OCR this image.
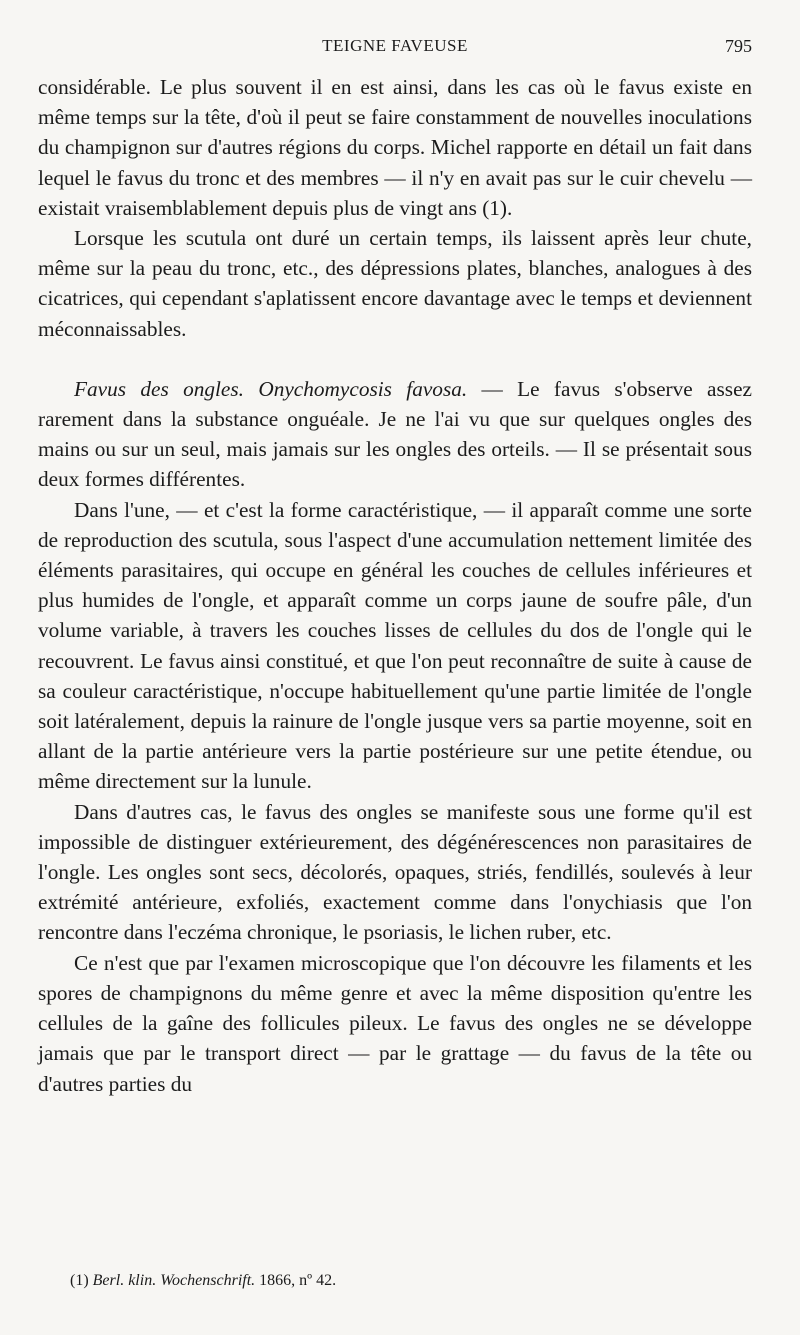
TEIGNE FAVEUSE	795

considérable. Le plus souvent il en est ainsi, dans les cas où le favus existe en même temps sur la tête, d'où il peut se faire constamment de nouvelles inoculations du champignon sur d'autres régions du corps. Michel rapporte en détail un fait dans lequel le favus du tronc et des membres — il n'y en avait pas sur le cuir chevelu — existait vraisemblablement depuis plus de vingt ans (1).

Lorsque les scutula ont duré un certain temps, ils laissent après leur chute, même sur la peau du tronc, etc., des dépressions plates, blanches, analogues à des cicatrices, qui cependant s'aplatissent encore davantage avec le temps et deviennent méconnaissables.

Favus des ongles. Onychomycosis favosa. — Le favus s'observe assez rarement dans la substance onguéale. Je ne l'ai vu que sur quelques ongles des mains ou sur un seul, mais jamais sur les ongles des orteils. — Il se présentait sous deux formes différentes.

Dans l'une, — et c'est la forme caractéristique, — il apparaît comme une sorte de reproduction des scutula, sous l'aspect d'une accumulation nettement limitée des éléments parasitaires, qui occupe en général les couches de cellules inférieures et plus humides de l'ongle, et apparaît comme un corps jaune de soufre pâle, d'un volume variable, à travers les couches lisses de cellules du dos de l'ongle qui le recouvrent. Le favus ainsi constitué, et que l'on peut reconnaître de suite à cause de sa couleur caractéristique, n'occupe habituellement qu'une partie limitée de l'ongle soit latéralement, depuis la rainure de l'ongle jusque vers sa partie moyenne, soit en allant de la partie antérieure vers la partie postérieure sur une petite étendue, ou même directement sur la lunule.

Dans d'autres cas, le favus des ongles se manifeste sous une forme qu'il est impossible de distinguer extérieurement, des dégénérescences non parasitaires de l'ongle. Les ongles sont secs, décolorés, opaques, striés, fendillés, soulevés à leur extrémité antérieure, exfoliés, exactement comme dans l'onychiasis que l'on rencontre dans l'eczéma chronique, le psoriasis, le lichen ruber, etc.

Ce n'est que par l'examen microscopique que l'on découvre les filaments et les spores de champignons du même genre et avec la même disposition qu'entre les cellules de la gaîne des follicules pileux. Le favus des ongles ne se développe jamais que par le transport direct — par le grattage — du favus de la tête ou d'autres parties du

(1) Berl. klin. Wochenschrift. 1866, nº 42.
